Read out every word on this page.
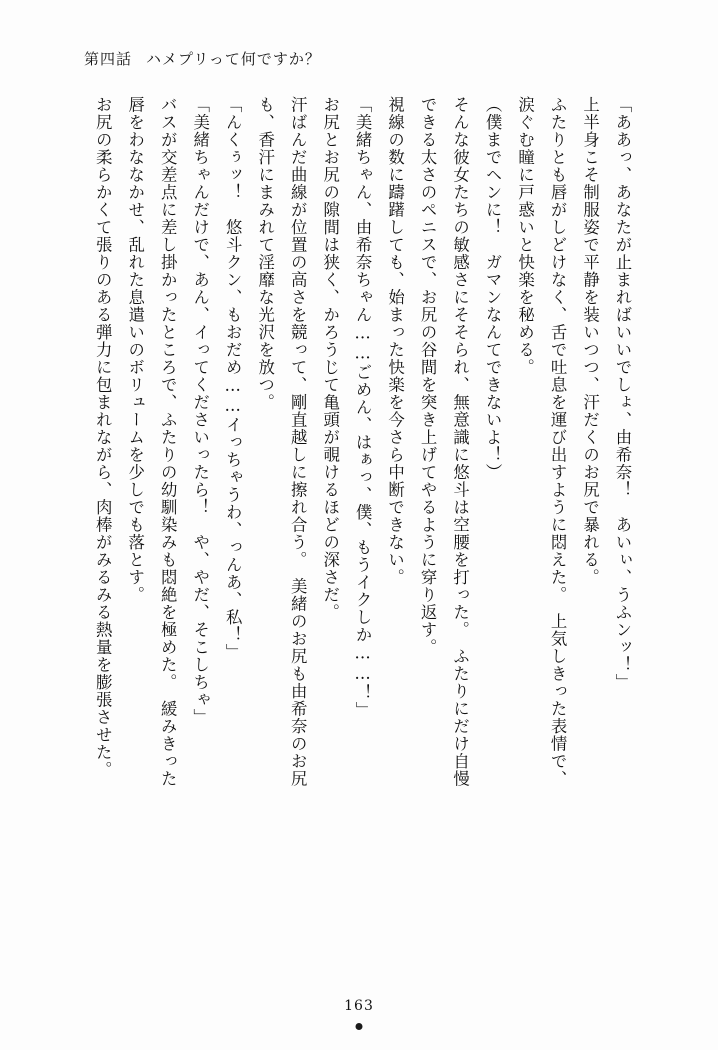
第四話 ハメプリって何ですか？

「ああっ、あなたが止まればいいでしょ、由希奈！　あいぃ、うふンッ！」

上半身こそ制服姿で平静を装いつつ、汗だくのお尻で暴れる。

ふたりとも唇がしどけなく、舌で吐息を運び出すように悶えた。　上気しきった表情で、

涙ぐむ瞳に戸惑いと快楽を秘める。

（僕までヘンに！　ガマンなんてできないよ！）

そんな彼女たちの敏感さにそそられ、無意識に悠斗は空腰を打った。　ふたりにだけ自慢

できる太さのペニスで、お尻の谷間を突き上げてやるように穿り返す。

視線の数に躊躇しても、始まった快楽を今さら中断できない。

「美緒ちゃん、由希奈ちゃん……ごめん、はぁっ、僕、もうイクしか……！」

お尻とお尻の隙間は狭く、かろうじて亀頭が覗けるほどの深さだ。

汗ばんだ曲線が位置の高さを競って、剛直越しに擦れ合う。　美緒のお尻も由希奈のお尻

も、香汗にまみれて淫靡な光沢を放つ。

「んくぅッ！　悠斗クン、もおだめ……イっちゃうわ、っんあ、私！」

「美緒ちゃんだけで、あん、イってくださいったら！　や、やだ、そこしちゃ」

バスが交差点に差し掛かったところで、ふたりの幼馴染みも悶絶を極めた。　緩みきった

唇をわななかせ、乱れた息遣いのボリュームを少しでも落とす。

お尻の柔らかくて張りのある弾力に包まれながら、肉棒がみるみる熱量を膨張させた。

163
